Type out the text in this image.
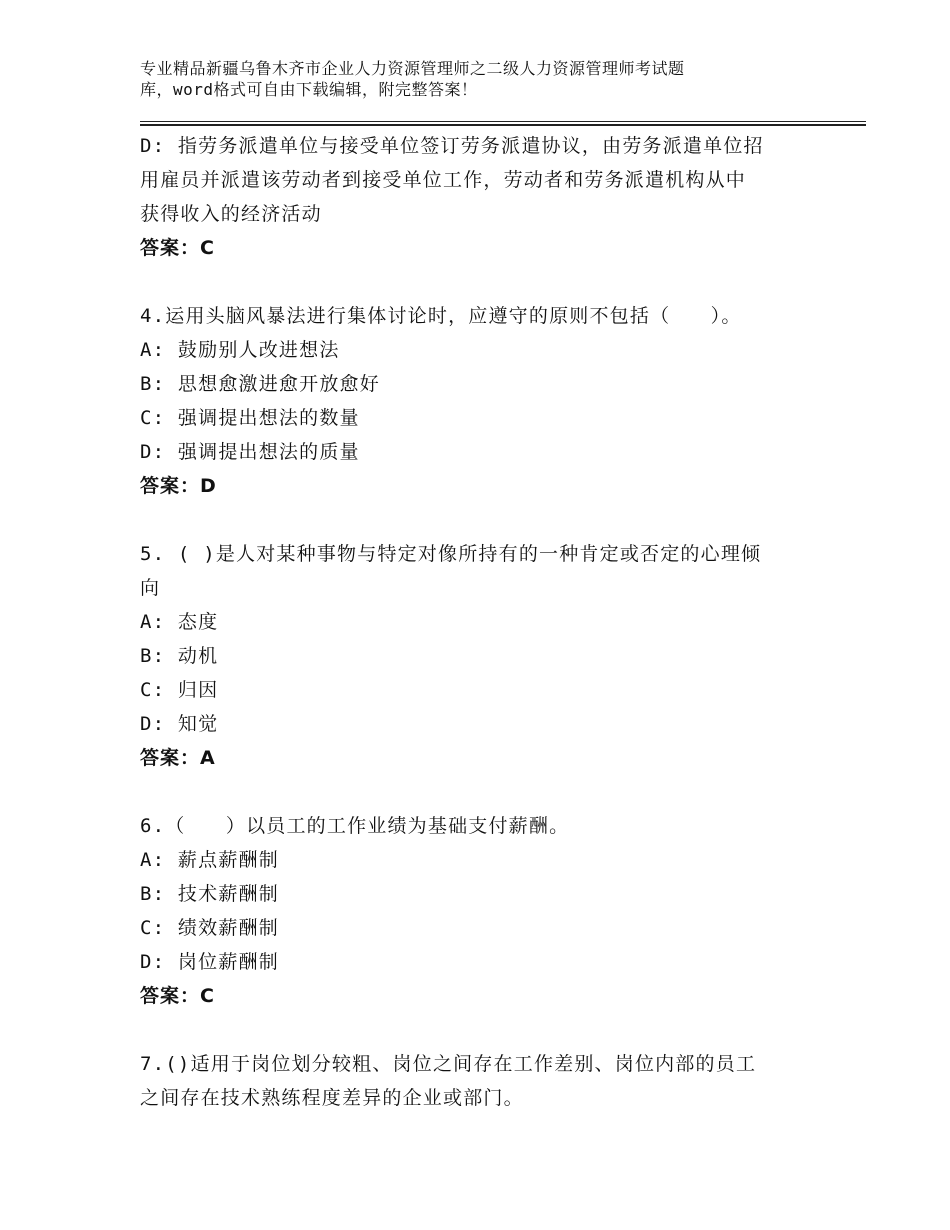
专业精品新疆乌鲁木齐市企业人力资源管理师之二级人力资源管理师考试题
库，word格式可自由下载编辑，附完整答案！
D: 指劳务派遣单位与接受单位签订劳务派遣协议，由劳务派遣单位招
用雇员并派遣该劳动者到接受单位工作，劳动者和劳务派遣机构从中
获得收入的经济活动
答案：C
4.运用头脑风暴法进行集体讨论时，应遵守的原则不包括（　　）。
A: 鼓励别人改进想法
B: 思想愈激进愈开放愈好
C: 强调提出想法的数量
D: 强调提出想法的质量
答案：D
5. ( )是人对某种事物与特定对像所持有的一种肯定或否定的心理倾
向
A: 态度
B: 动机
C: 归因
D: 知觉
答案：A
6.（　　）以员工的工作业绩为基础支付薪酬。
A: 薪点薪酬制
B: 技术薪酬制
C: 绩效薪酬制
D: 岗位薪酬制
答案：C
7.()适用于岗位划分较粗、岗位之间存在工作差别、岗位内部的员工
之间存在技术熟练程度差异的企业或部门。
